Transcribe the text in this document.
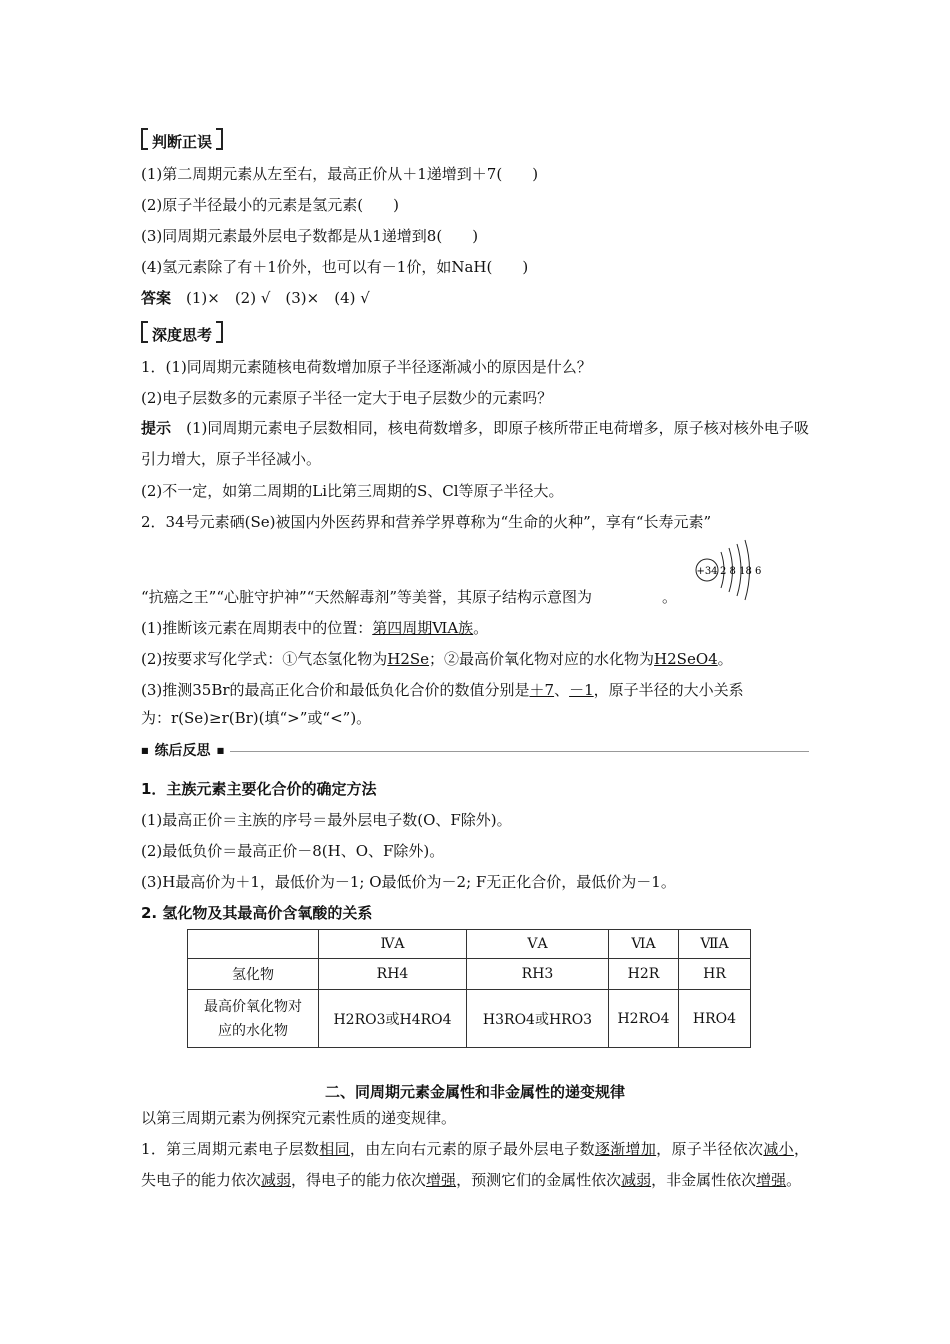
判断正误
(1)第二周期元素从左至右，最高正价从＋1递增到＋7(　　)
(2)原子半径最小的元素是氢元素(　　)
(3)同周期元素最外层电子数都是从1递增到8(　　)
(4)氢元素除了有＋1价外，也可以有－1价，如NaH(　　)
答案　(1)×　(2) √　(3)×　(4) √
深度思考
1．(1)同周期元素随核电荷数增加原子半径逐渐减小的原因是什么？
(2)电子层数多的元素原子半径一定大于电子层数少的元素吗？
提示　(1)同周期元素电子层数相同，核电荷数增多，即原子核所带正电荷增多，原子核对核外电子吸引力增大，原子半径减小。
(2)不一定，如第二周期的Li比第三周期的S、Cl等原子半径大。
2．34号元素硒(Se)被国内外医药界和营养学界尊称为“生命的火种”，享有“长寿元素”
+34 2 8 18 6
“抗癌之王”“心脏守护神”“天然解毒剂”等美誉，其原子结构示意图为	。
(1)推断该元素在周期表中的位置：第四周期ⅥA族。
(2)按要求写化学式：①气态氢化物为H2Se；②最高价氧化物对应的水化物为H2SeO4。
(3)推测35Br的最高正化合价和最低负化合价的数值分别是＋7、－1，原子半径的大小关系
为：r(Se)≥r(Br)(填“>”或“<”)。
■ 练后反思 ■
1．主族元素主要化合价的确定方法
(1)最高正价＝主族的序号＝最外层电子数(O、F除外)。
(2)最低负价＝最高正价－8(H、O、F除外)。
(3)H最高价为＋1，最低价为－1; O最低价为－2; F无正化合价，最低价为－1。
2. 氢化物及其最高价含氧酸的关系
	ⅣA	ⅤA	ⅥA	ⅦA
氢化物	RH4	RH3	H2R	HR
最高价氧化物对应的水化物	H2RO3或H4RO4	H3RO4或HRO3	H2RO4	HRO4
二、同周期元素金属性和非金属性的递变规律
以第三周期元素为例探究元素性质的递变规律。
1．第三周期元素电子层数相同，由左向右元素的原子最外层电子数逐渐增加，原子半径依次减小，失电子的能力依次减弱，得电子的能力依次增强，预测它们的金属性依次减弱，非金属性依次增强。
